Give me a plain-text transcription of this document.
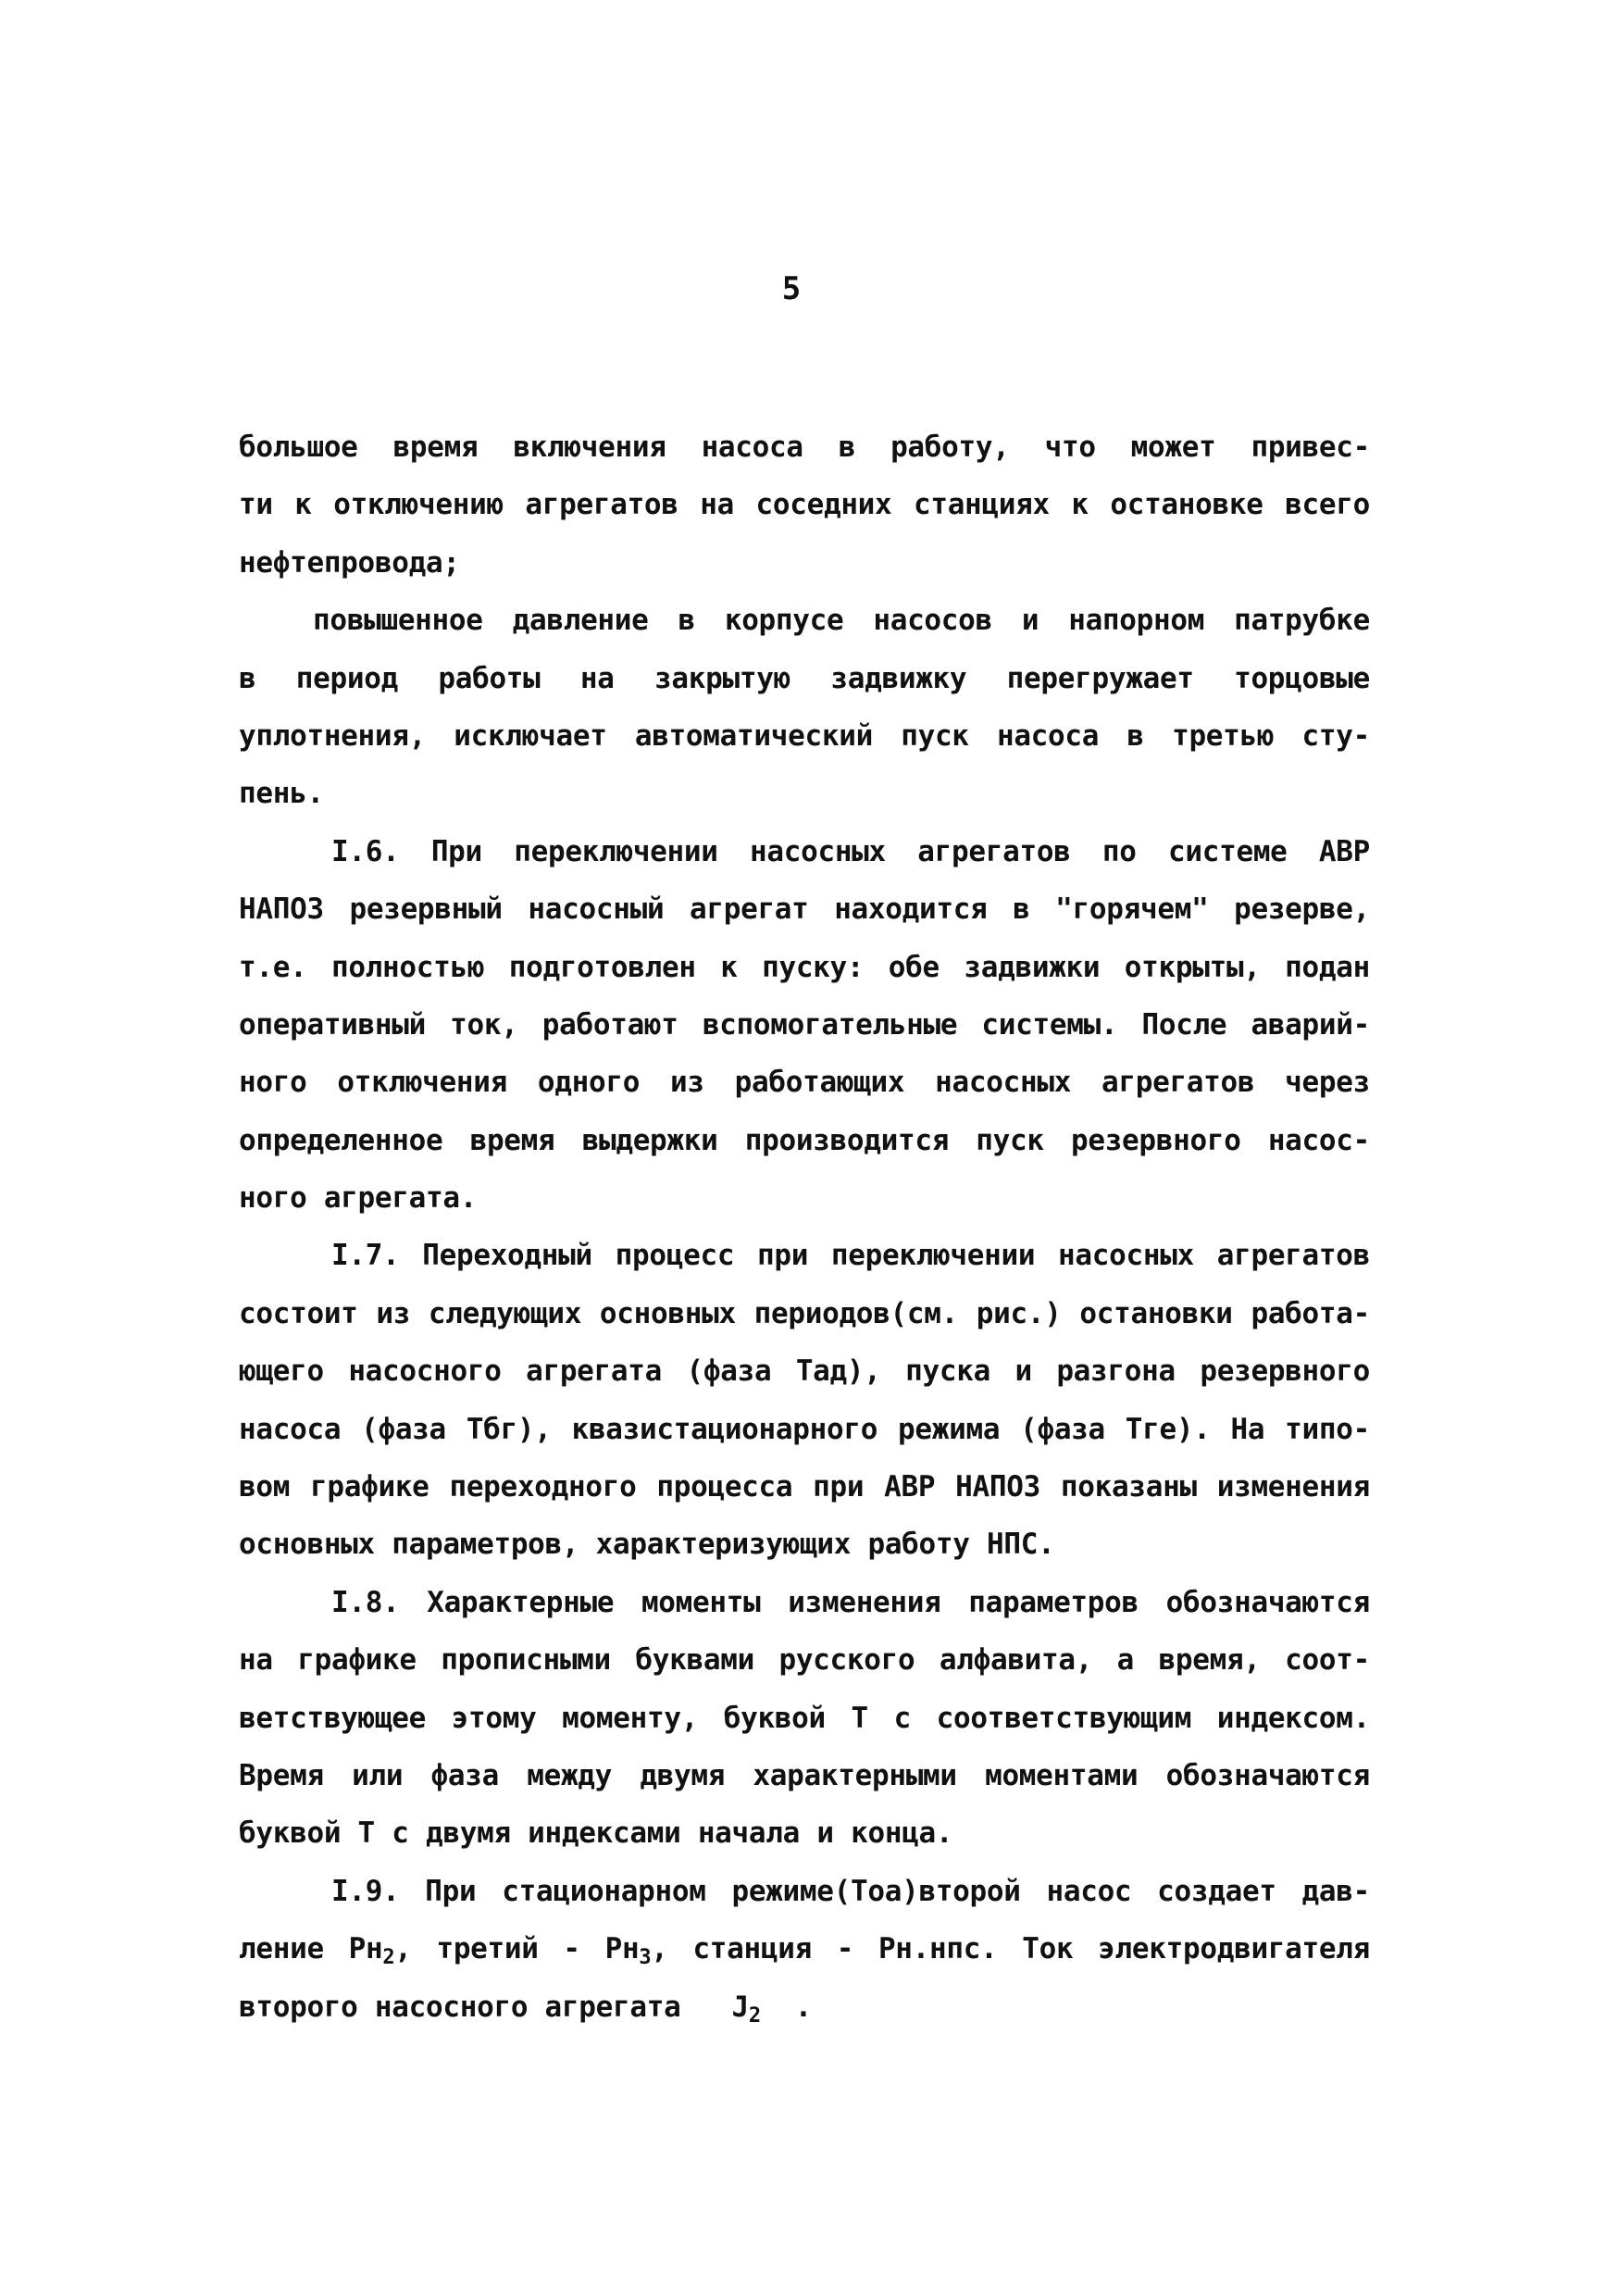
5
большое время включения насоса в работу, что может привес-
ти к отключению агрегатов на соседних станциях к остановке всего
нефтепровода;
повышенное давление в корпусе насосов и напорном патрубке
в период работы на закрытую задвижку перегружает торцовые
уплотнения, исключает автоматический пуск насоса в третью сту-
пень.
I.6. При переключении насосных агрегатов по системе АВР
НАПОЗ резервный насосный агрегат находится в "горячем" резерве,
т.е. полностью подготовлен к пуску: обе задвижки открыты, подан
оперативный ток, работают вспомогательные системы. После аварий-
ного отключения одного из работающих насосных агрегатов через
определенное время выдержки производится пуск резервного насос-
ного агрегата.
I.7. Переходный процесс при переключении насосных агрегатов
состоит из следующих основных периодов(см. рис.) остановки работа-
ющего насосного агрегата (фаза Тад), пуска и разгона резервного
насоса (фаза Тбг), квазистационарного режима (фаза Тге). На типо-
вом графике переходного процесса при АВР НАПОЗ показаны изменения
основных параметров, характеризующих работу НПС.
I.8. Характерные моменты изменения параметров обозначаются
на графике прописными буквами русского алфавита, а время, соот-
ветствующее этому моменту, буквой Т с соответствующим индексом.
Время или фаза между двумя характерными моментами обозначаются
буквой Т с двумя индексами начала и конца.
I.9. При стационарном режиме(Тоа)второй насос создает дав-
ление $Рн_2$, третий - $Рн_3$, станция - Рн.нпс. Ток электродвигателя
второго насосного агрегата   $J_2$  .
